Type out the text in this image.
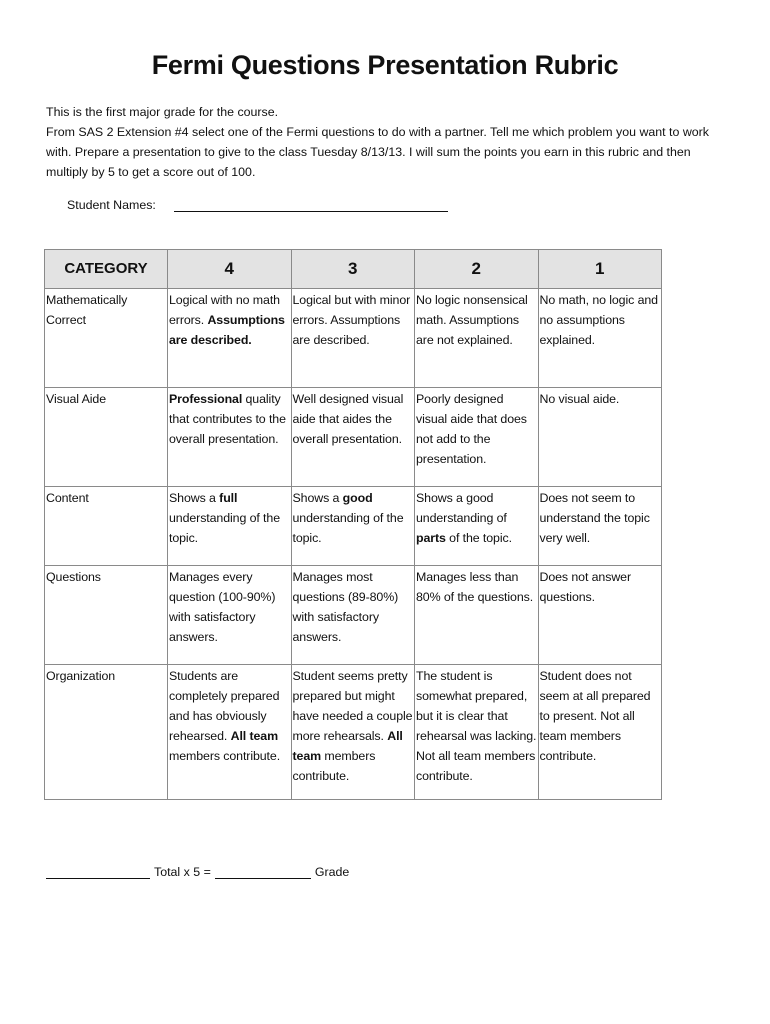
Fermi Questions Presentation Rubric

This is the first major grade for the course.

From SAS 2 Extension #4 select one of the Fermi questions to do with a partner. Tell me which problem you want to work with. Prepare a presentation to give to the class Tuesday 8/13/13. I will sum the points you earn in this rubric and then multiply by 5 to get a score out of 100.

Student Names:
CATEGORY	4	3	2	1
Mathematically Correct	Logical with no math errors. Assumptions are described.	Logical but with minor errors. Assumptions are described.	No logic nonsensical math. Assumptions are not explained.	No math, no logic and no assumptions explained.
Visual Aide	Professional quality that contributes to the overall presentation.	Well designed visual aide that aides the overall presentation.	Poorly designed visual aide that does not add to the presentation.	No visual aide.
Content	Shows a full understanding of the topic.	Shows a good understanding of the topic.	Shows a good understanding of parts of the topic.	Does not seem to understand the topic very well.
Questions	Manages every question (100-90%) with satisfactory answers.	Manages most questions (89-80%) with satisfactory answers.	Manages less than 80% of the questions.	Does not answer questions.
Organization	Students are completely prepared and has obviously rehearsed. All team members contribute.	Student seems pretty prepared but might have needed a couple more rehearsals. All team members contribute.	The student is somewhat prepared, but it is clear that rehearsal was lacking. Not all team members contribute.	Student does not seem at all prepared to present. Not all team members contribute.
Total x 5 =	Grade
